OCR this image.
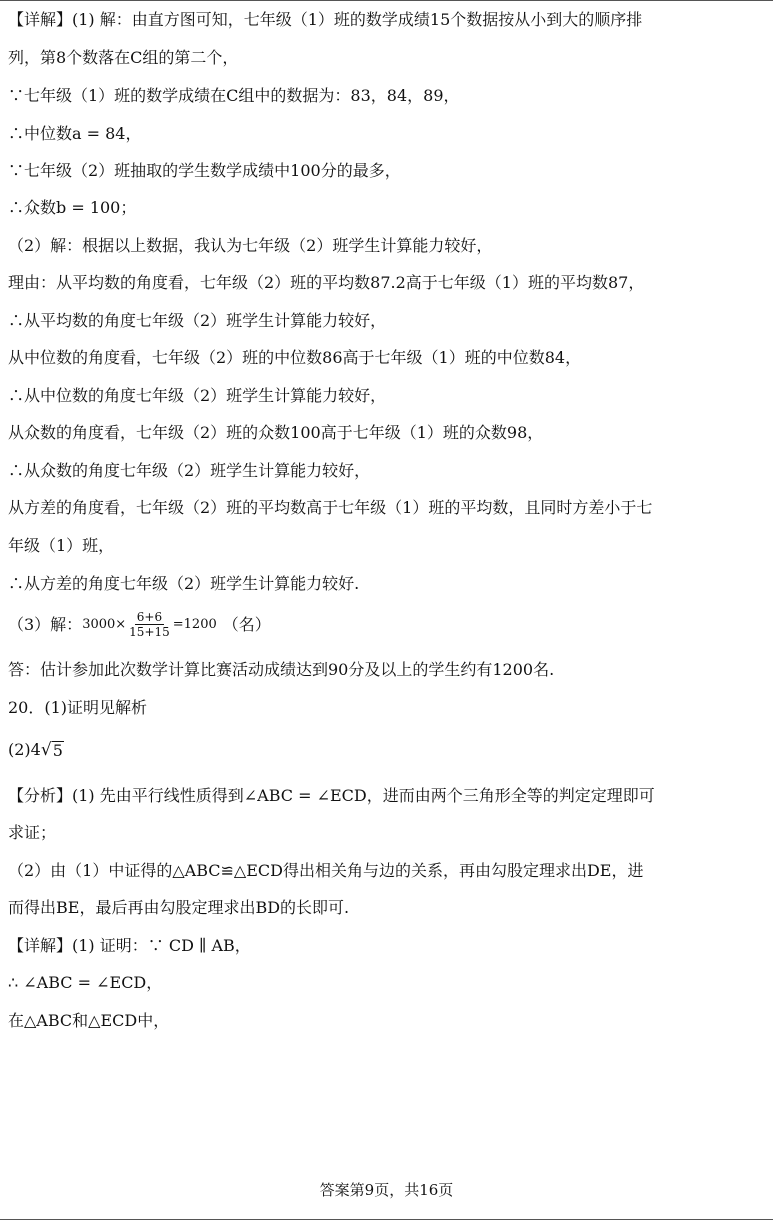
【详解】(1) 解：由直方图可知，七年级（1）班的数学成绩15个数据按从小到大的顺序排
列，第8个数落在C组的第二个，
∵七年级（1）班的数学成绩在C组中的数据为：83，84，89，
∴中位数a = 84，
∵七年级（2）班抽取的学生数学成绩中100分的最多，
∴众数b = 100；
（2）解：根据以上数据，我认为七年级（2）班学生计算能力较好，
理由：从平均数的角度看，七年级（2）班的平均数87.2高于七年级（1）班的平均数87，
∴从平均数的角度七年级（2）班学生计算能力较好，
从中位数的角度看，七年级（2）班的中位数86高于七年级（1）班的中位数84，
∴从中位数的角度七年级（2）班学生计算能力较好，
从众数的角度看，七年级（2）班的众数100高于七年级（1）班的众数98，
∴从众数的角度七年级（2）班学生计算能力较好，
从方差的角度看，七年级（2）班的平均数高于七年级（1）班的平均数，且同时方差小于七
年级（1）班，
∴从方差的角度七年级（2）班学生计算能力较好.
（3）解： $3000\times \frac{6+6}{15+15} =1200$ （名）
答：估计参加此次数学计算比赛活动成绩达到90分及以上的学生约有1200名.
20．(1)证明见解析
(2)4 √ 5
【分析】(1) 先由平行线性质得到∠ABC = ∠ECD，进而由两个三角形全等的判定定理即可
求证；
（2）由（1）中证得的△ABC≌△ECD得出相关角与边的关系，再由勾股定理求出DE，进
而得出BE，最后再由勾股定理求出BD的长即可.
【详解】(1) 证明：∵ CD ∥ AB，
∴ ∠ABC = ∠ECD，
在△ABC和△ECD中，
答案第9页，共16页
